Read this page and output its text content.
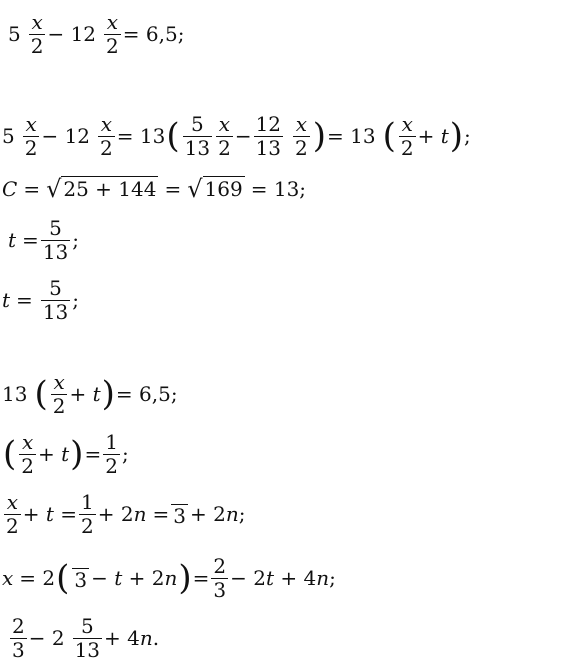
5 x
$2 - 12 \frac{x}{2} = 6,5$;
5 x
$2 - 12 \frac{x}{2} = 13$ ( 5
13
x
$2 - \frac{12}{13}$ x
2 ) = 13 ( x
2 + t ) ;
C = √ 25 + 144 = √ 169 = 13;
$t = \frac{5}{13}$ ;
t = 5
13 ;
13 ( x
2 + t ) = 6,5;
( x
2 + t ) = $\frac{1}{2}$ ;
x
2 + t = 1
2 + 2 n = 3 + 2 n ;
x = 2 ( 3 − t + 2 n ) = 2
3 − 2t + 4 n ;
2
3 − 2 5
13 + 4 n .
